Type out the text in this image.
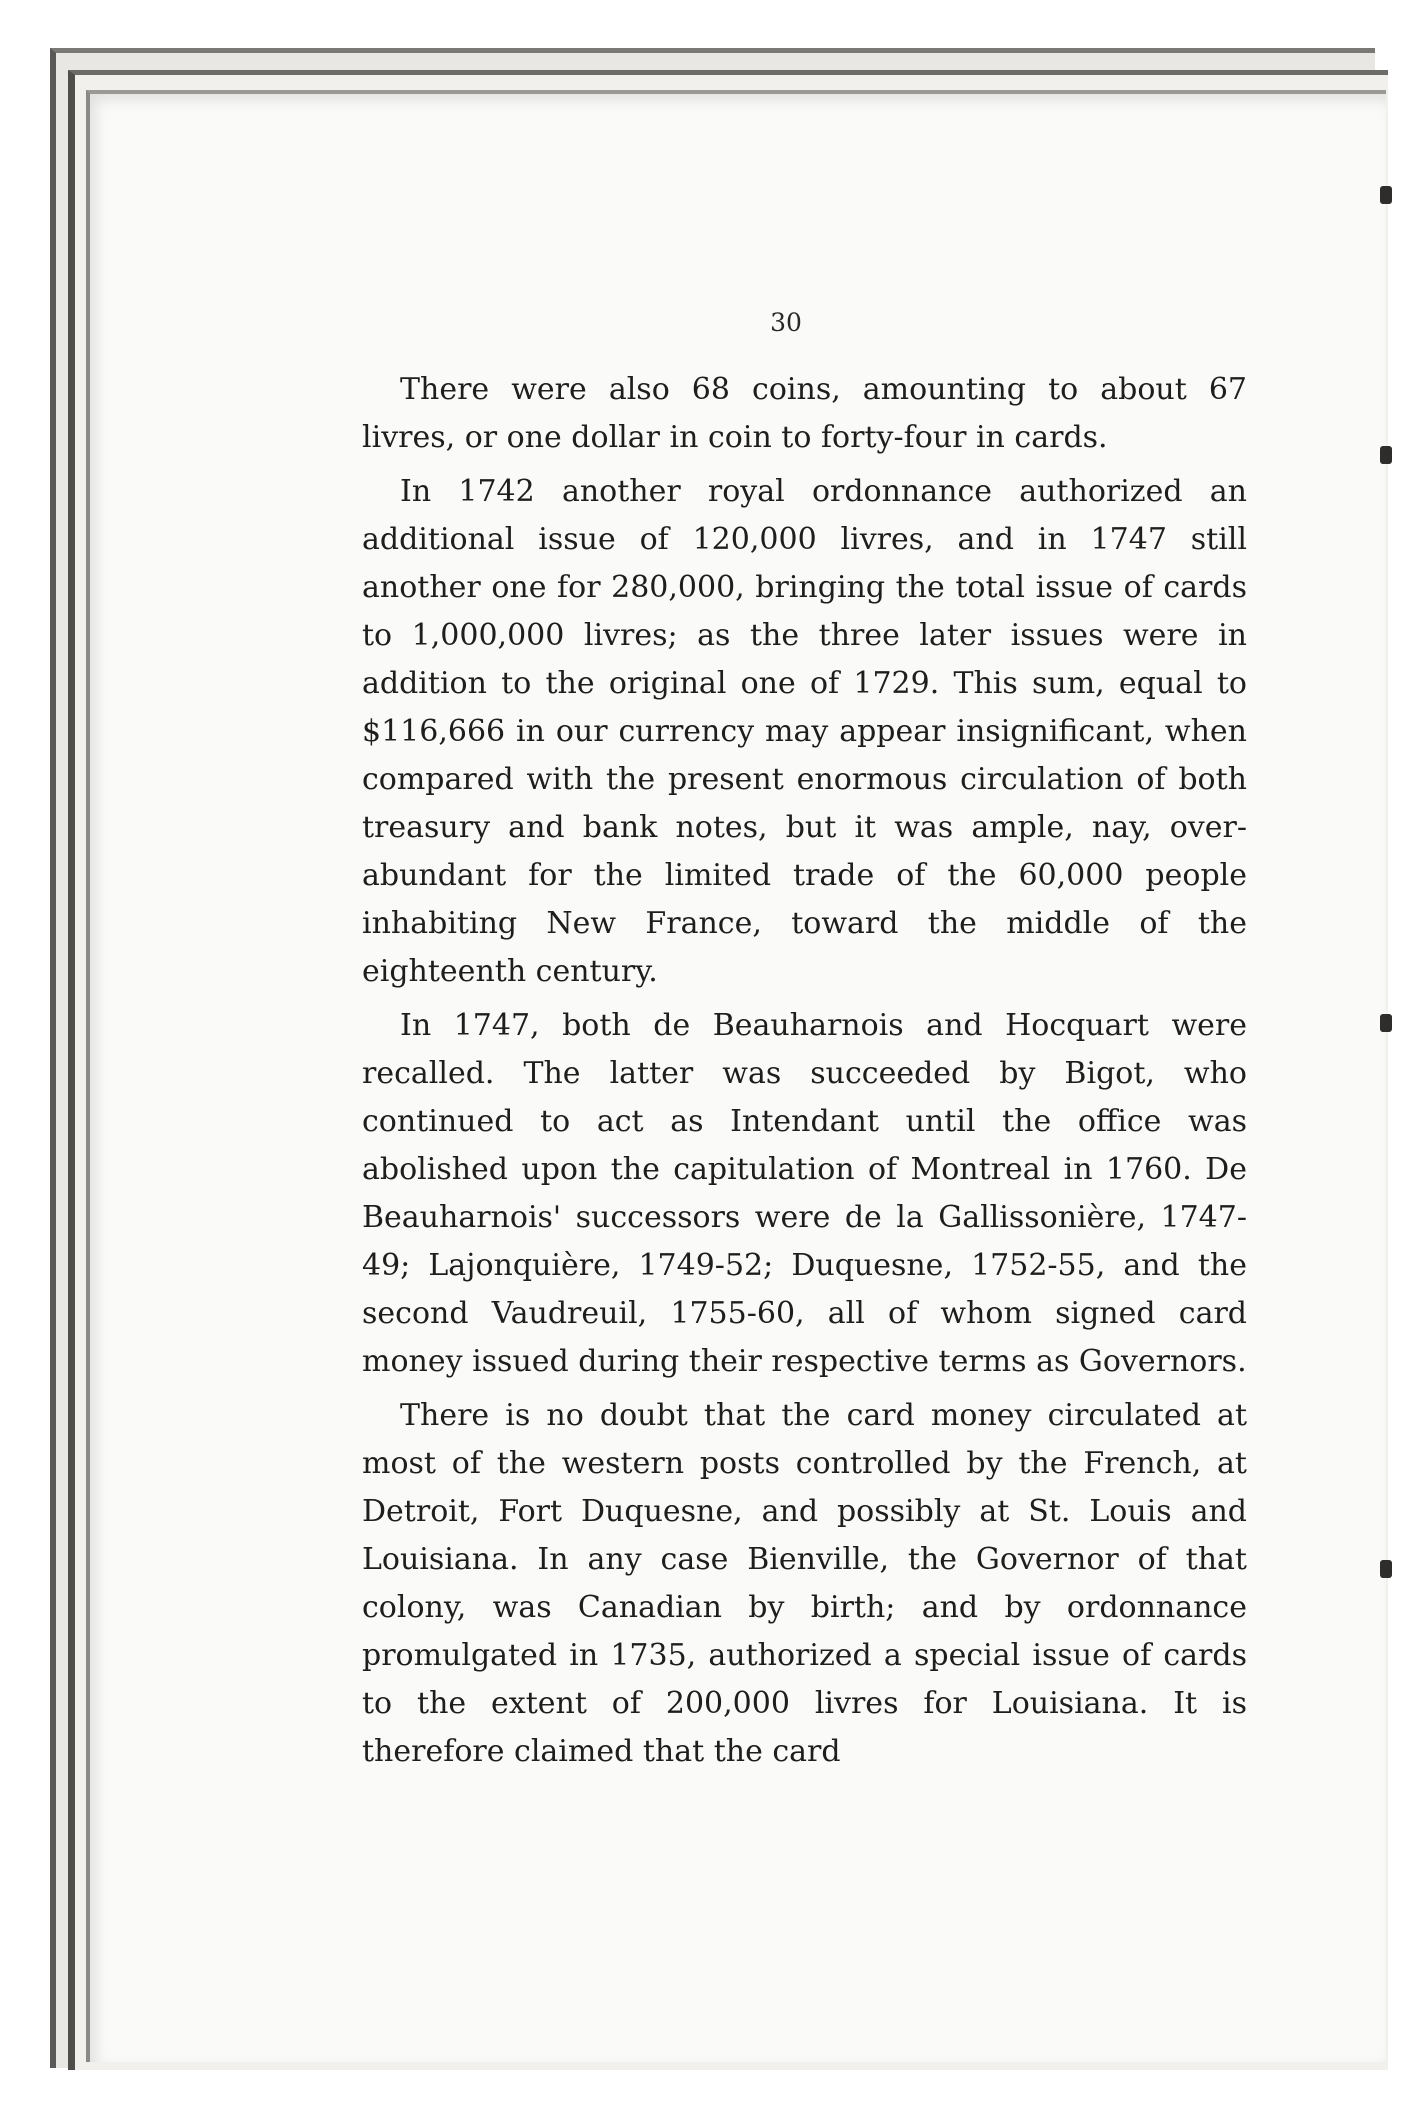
30

There were also 68 coins, amounting to about 67 livres, or one dollar in coin to forty-four in cards.

In 1742 another royal ordonnance authorized an additional issue of 120,000 livres, and in 1747 still another one for 280,000, bringing the total issue of cards to 1,000,000 livres; as the three later issues were in addition to the original one of 1729. This sum, equal to $116,666 in our currency may appear insignificant, when compared with the present enormous circulation of both treasury and bank notes, but it was ample, nay, over-abundant for the limited trade of the 60,000 people inhabiting New France, toward the middle of the eighteenth century.

In 1747, both de Beauharnois and Hocquart were recalled. The latter was succeeded by Bigot, who continued to act as Intendant until the office was abolished upon the capitulation of Montreal in 1760. De Beauharnois' successors were de la Gallissonière, 1747-49; Lajonquière, 1749-52; Duquesne, 1752-55, and the second Vaudreuil, 1755-60, all of whom signed card money issued during their respective terms as Governors.

There is no doubt that the card money circulated at most of the western posts controlled by the French, at Detroit, Fort Duquesne, and possibly at St. Louis and Louisiana. In any case Bienville, the Governor of that colony, was Canadian by birth; and by ordonnance promulgated in 1735, authorized a special issue of cards to the extent of 200,000 livres for Louisiana. It is therefore claimed that the card
